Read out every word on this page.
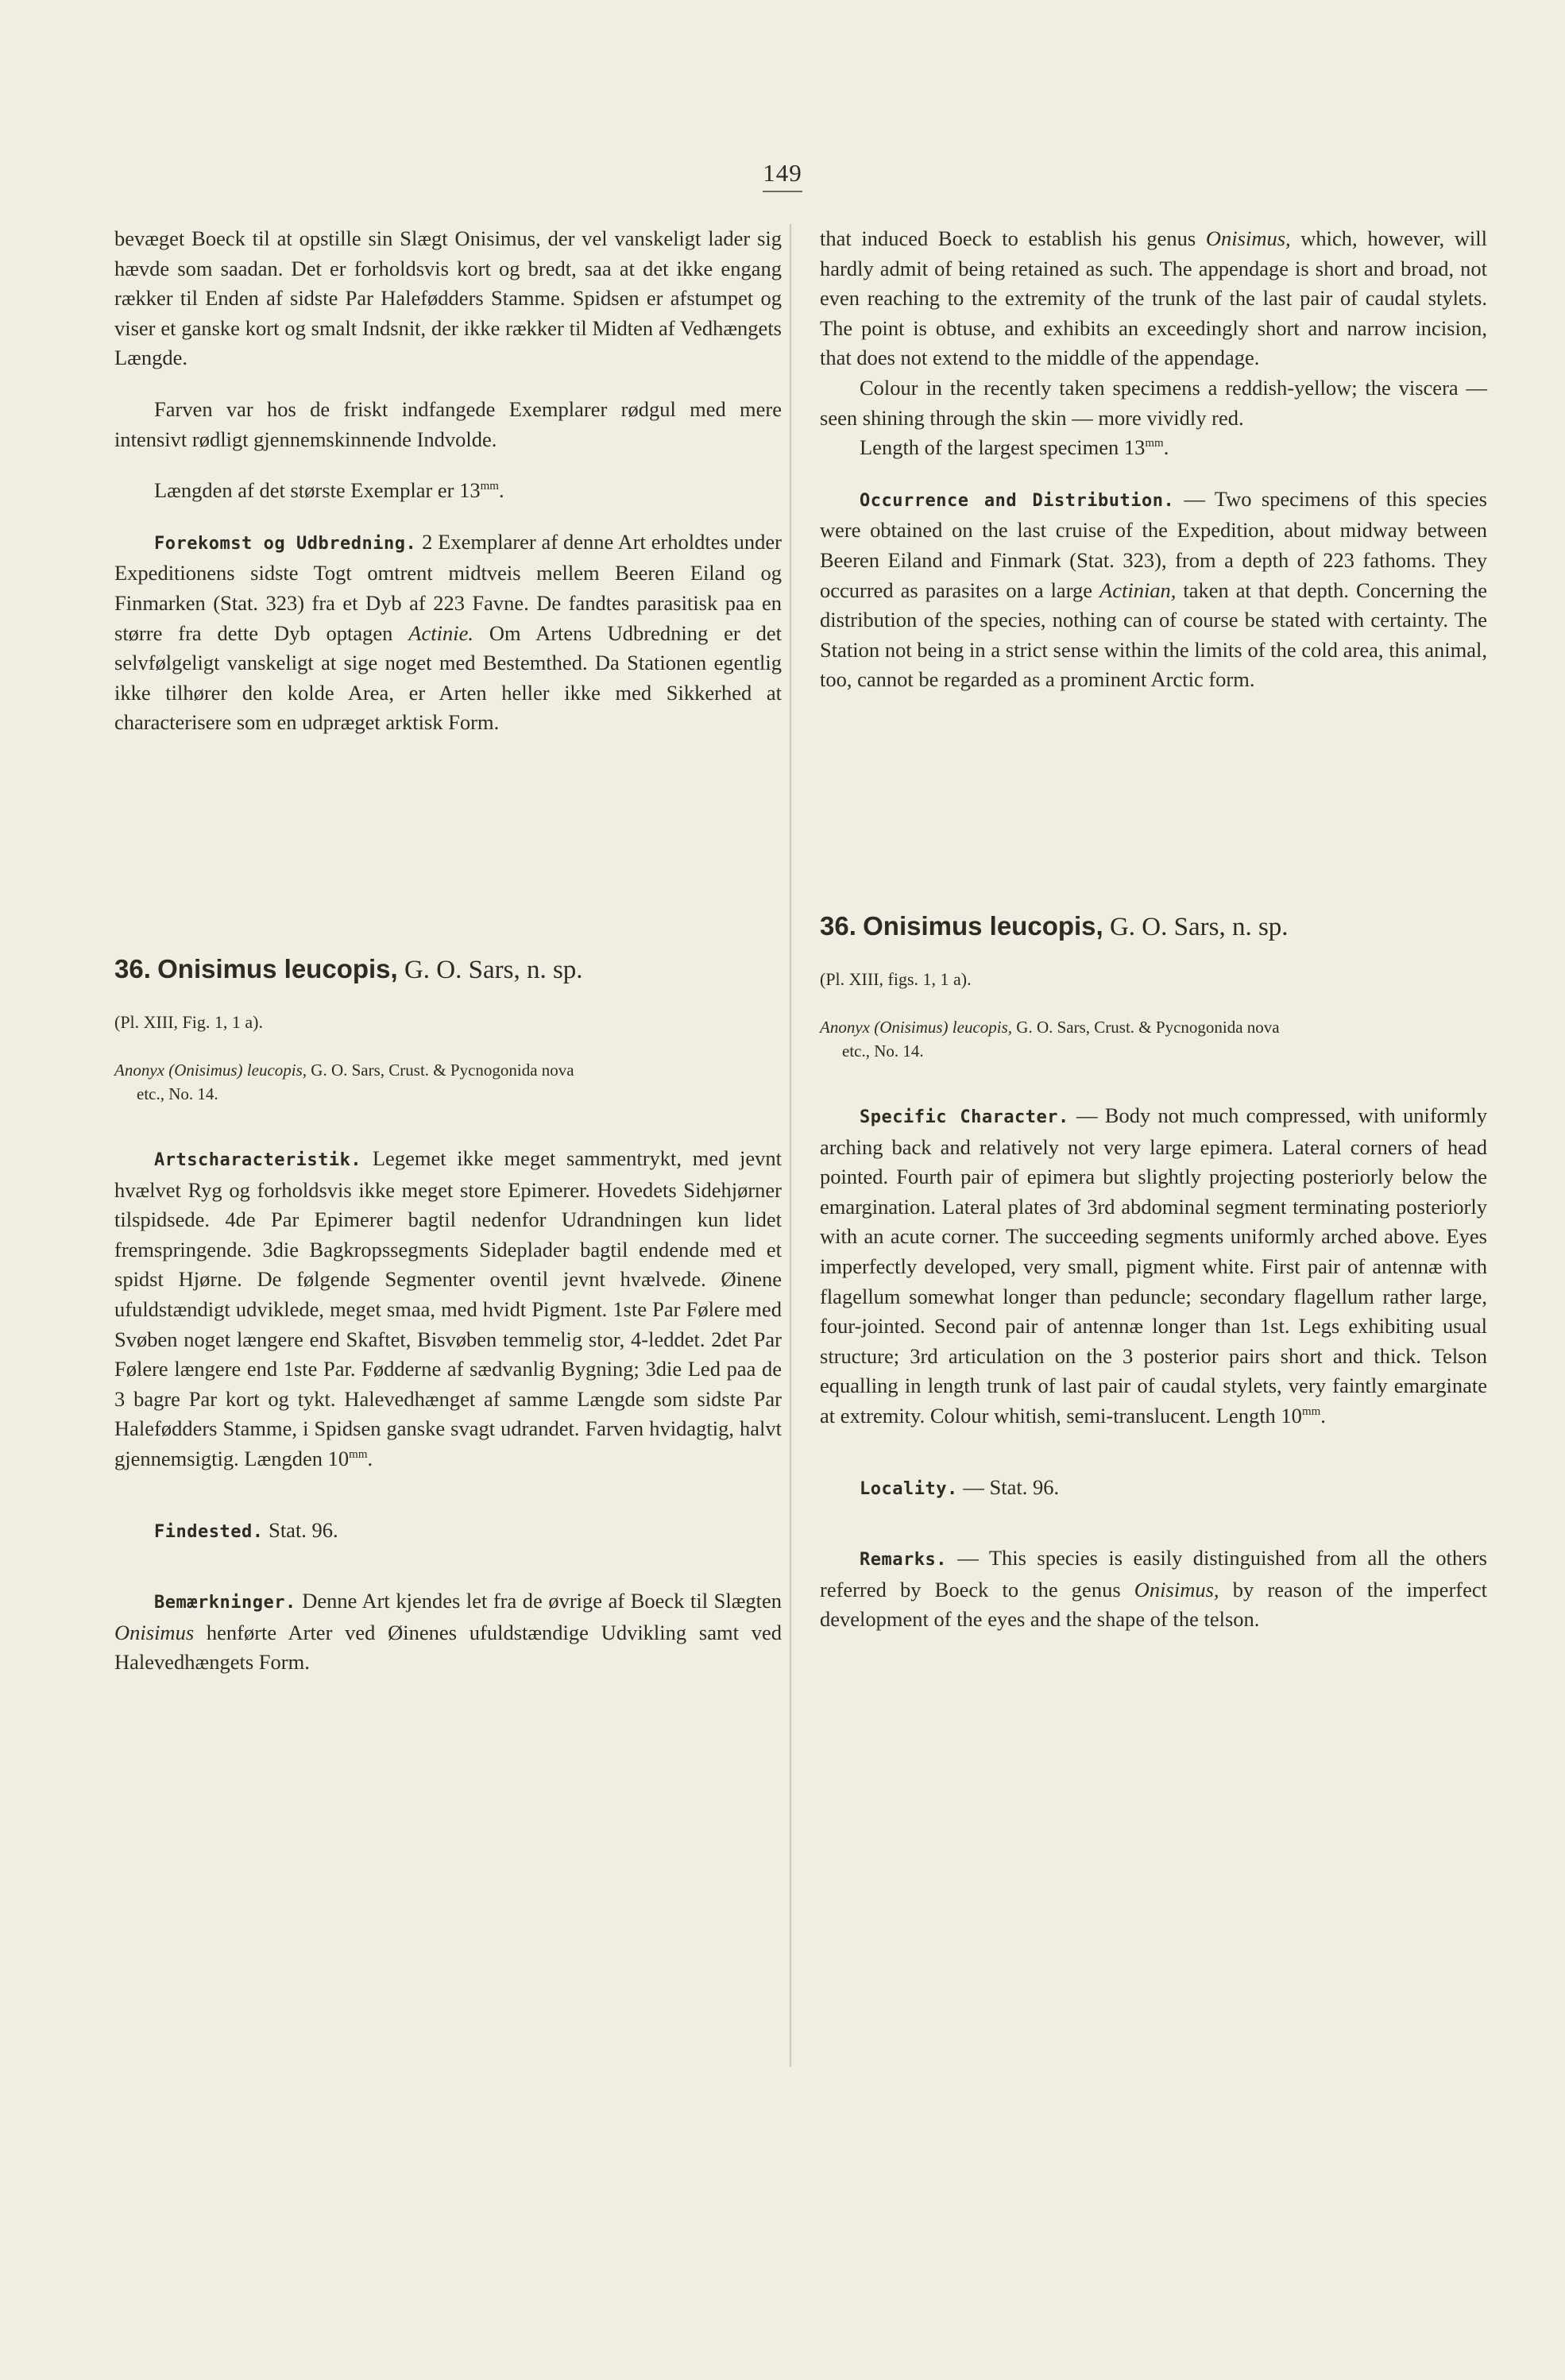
149

bevæget Boeck til at opstille sin Slægt Onisimus, der vel vanskeligt lader sig hævde som saadan. Det er forholdsvis kort og bredt, saa at det ikke engang rækker til Enden af sidste Par Halefødders Stamme. Spidsen er afstumpet og viser et ganske kort og smalt Indsnit, der ikke rækker til Midten af Vedhængets Længde.

Farven var hos de friskt indfangede Exemplarer rødgul med mere intensivt rødligt gjennemskinnende Indvolde.

Længden af det største Exemplar er $13^{mm}$.

Forekomst og Udbredning. 2 Exemplarer af denne Art erholdtes under Expeditionens sidste Togt omtrent midtveis mellem Beeren Eiland og Finmarken (Stat. 323) fra et Dyb af 223 Favne. De fandtes parasitisk paa en større fra dette Dyb optagen Actinie. Om Artens Udbredning er det selvfølgeligt vanskeligt at sige noget med Bestemthed. Da Stationen egentlig ikke tilhører den kolde Area, er Arten heller ikke med Sikkerhed at characterisere som en udpræget arktisk Form.

36. Onisimus leucopis, G. O. Sars, n. sp.

(Pl. XIII, Fig. 1, 1 a).

Anonyx (Onisimus) leucopis, G. O. Sars, Crust. & Pycnogonida nova
etc., No. 14.

Artscharacteristik. Legemet ikke meget sammentrykt, med jevnt hvælvet Ryg og forholdsvis ikke meget store Epimerer. Hovedets Sidehjørner tilspidsede. 4de Par Epimerer bagtil nedenfor Udrandningen kun lidet fremspringende. 3die Bagkropssegments Sideplader bagtil endende med et spidst Hjørne. De følgende Segmenter oventil jevnt hvælvede. Øinene ufuldstændigt udviklede, meget smaa, med hvidt Pigment. 1ste Par Følere med Svøben noget længere end Skaftet, Bisvøben temmelig stor, 4-leddet. 2det Par Følere længere end 1ste Par. Fødderne af sædvanlig Bygning; 3die Led paa de 3 bagre Par kort og tykt. Halevedhænget af samme Længde som sidste Par Halefødders Stamme, i Spidsen ganske svagt udrandet. Farven hvidagtig, halvt gjennemsigtig. Længden $10^{mm}$.

Findested. Stat. 96.

Bemærkninger. Denne Art kjendes let fra de øvrige af Boeck til Slægten Onisimus henførte Arter ved Øinenes ufuldstændige Udvikling samt ved Halevedhængets Form.

that induced Boeck to establish his genus Onisimus, which, however, will hardly admit of being retained as such. The appendage is short and broad, not even reaching to the extremity of the trunk of the last pair of caudal stylets. The point is obtuse, and exhibits an exceedingly short and narrow incision, that does not extend to the middle of the appendage.

Colour in the recently taken specimens a reddish-yellow; the viscera — seen shining through the skin — more vividly red.

Length of the largest specimen $13^{mm}$.

Occurrence and Distribution. — Two specimens of this species were obtained on the last cruise of the Expedition, about midway between Beeren Eiland and Finmark (Stat. 323), from a depth of 223 fathoms. They occurred as parasites on a large Actinian, taken at that depth. Concerning the distribution of the species, nothing can of course be stated with certainty. The Station not being in a strict sense within the limits of the cold area, this animal, too, cannot be regarded as a prominent Arctic form.

36. Onisimus leucopis, G. O. Sars, n. sp.

(Pl. XIII, figs. 1, 1 a).

Anonyx (Onisimus) leucopis, G. O. Sars, Crust. & Pycnogonida nova
etc., No. 14.

Specific Character. — Body not much compressed, with uniformly arching back and relatively not very large epimera. Lateral corners of head pointed. Fourth pair of epimera but slightly projecting posteriorly below the emargination. Lateral plates of 3rd abdominal segment terminating posteriorly with an acute corner. The succeeding segments uniformly arched above. Eyes imperfectly developed, very small, pigment white. First pair of antennæ with flagellum somewhat longer than peduncle; secondary flagellum rather large, four-jointed. Second pair of antennæ longer than 1st. Legs exhibiting usual structure; 3rd articulation on the 3 posterior pairs short and thick. Telson equalling in length trunk of last pair of caudal stylets, very faintly emarginate at extremity. Colour whitish, semi-translucent. Length $10^{mm}$.

Locality. — Stat. 96.

Remarks. — This species is easily distinguished from all the others referred by Boeck to the genus Onisimus, by reason of the imperfect development of the eyes and the shape of the telson.
